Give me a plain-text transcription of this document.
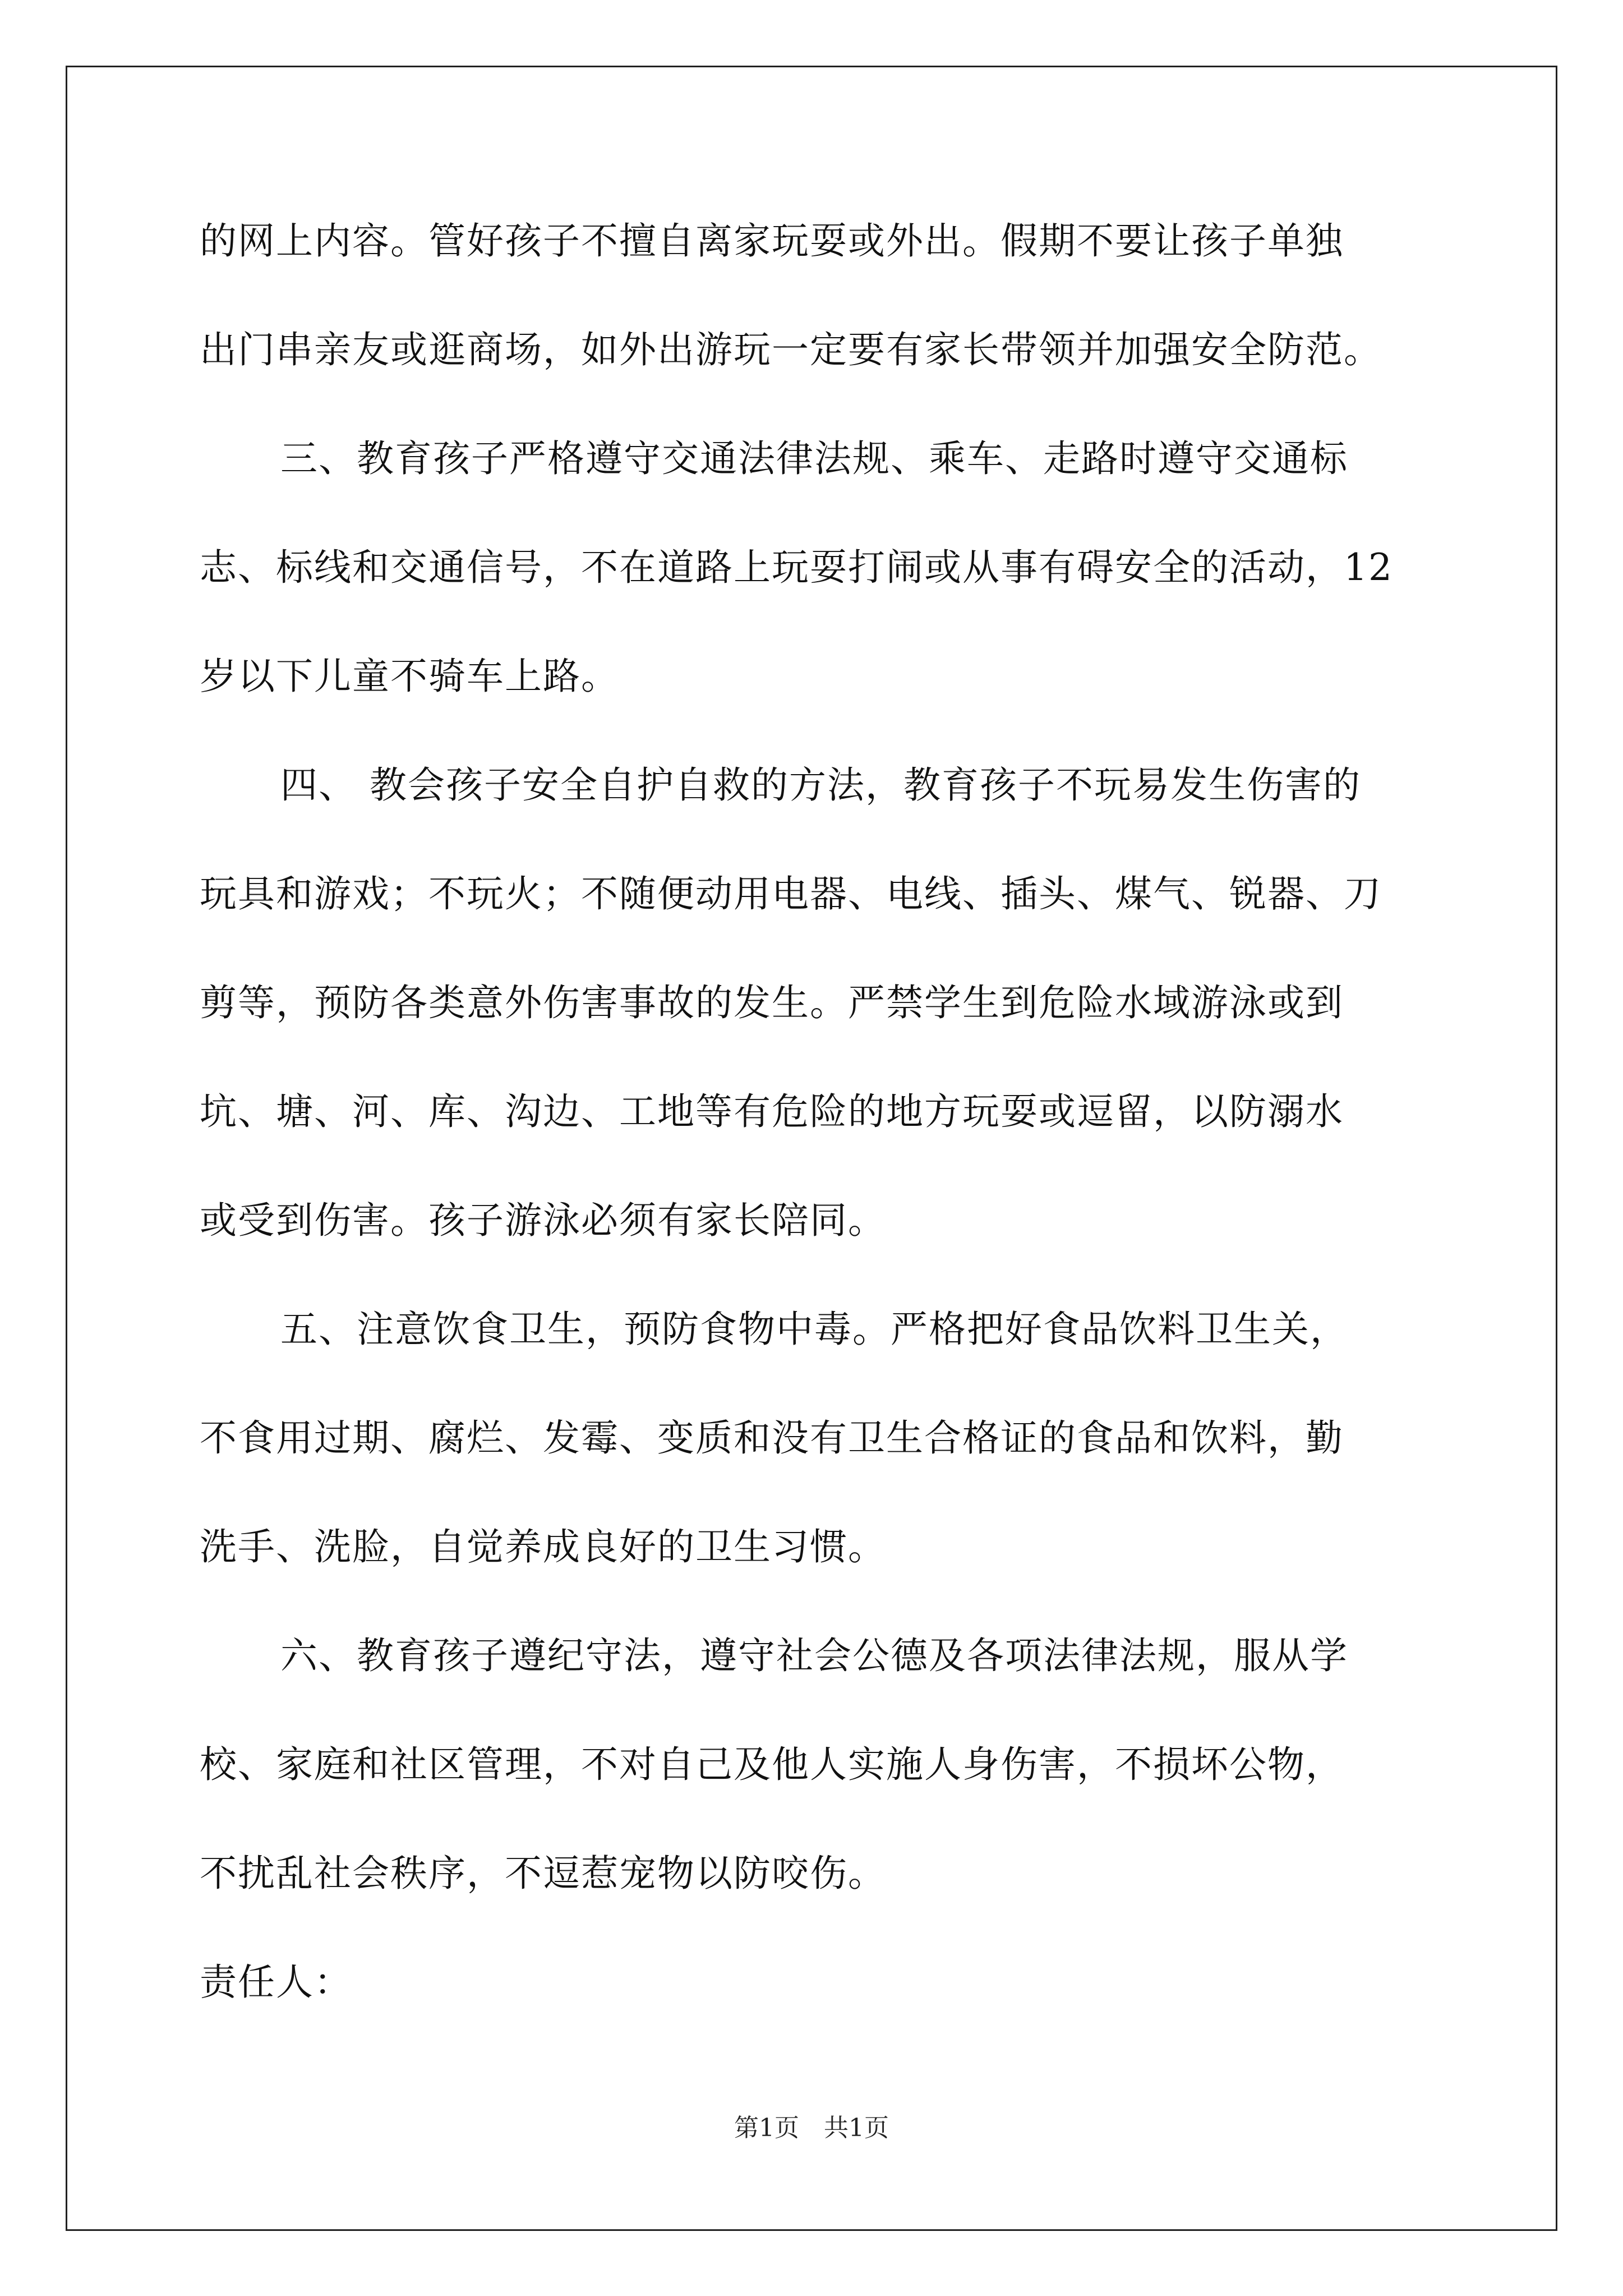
的网上内容。管好孩子不擅自离家玩耍或外出。假期不要让孩子单独
出门串亲友或逛商场，如外出游玩一定要有家长带领并加强安全防范。
三、教育孩子严格遵守交通法律法规、乘车、走路时遵守交通标
志、标线和交通信号，不在道路上玩耍打闹或从事有碍安全的活动，12
岁以下儿童不骑车上路。
四、 教会孩子安全自护自救的方法，教育孩子不玩易发生伤害的
玩具和游戏；不玩火；不随便动用电器、电线、插头、煤气、锐器、刀
剪等，预防各类意外伤害事故的发生。严禁学生到危险水域游泳或到
坑、塘、河、库、沟边、工地等有危险的地方玩耍或逗留，以防溺水
或受到伤害。孩子游泳必须有家长陪同。
五、注意饮食卫生，预防食物中毒。严格把好食品饮料卫生关，
不食用过期、腐烂、发霉、变质和没有卫生合格证的食品和饮料，勤
洗手、洗脸，自觉养成良好的卫生习惯。
六、教育孩子遵纪守法，遵守社会公德及各项法律法规，服从学
校、家庭和社区管理，不对自己及他人实施人身伤害，不损坏公物，
不扰乱社会秩序，不逗惹宠物以防咬伤。
责任人：
第1页　共1页
